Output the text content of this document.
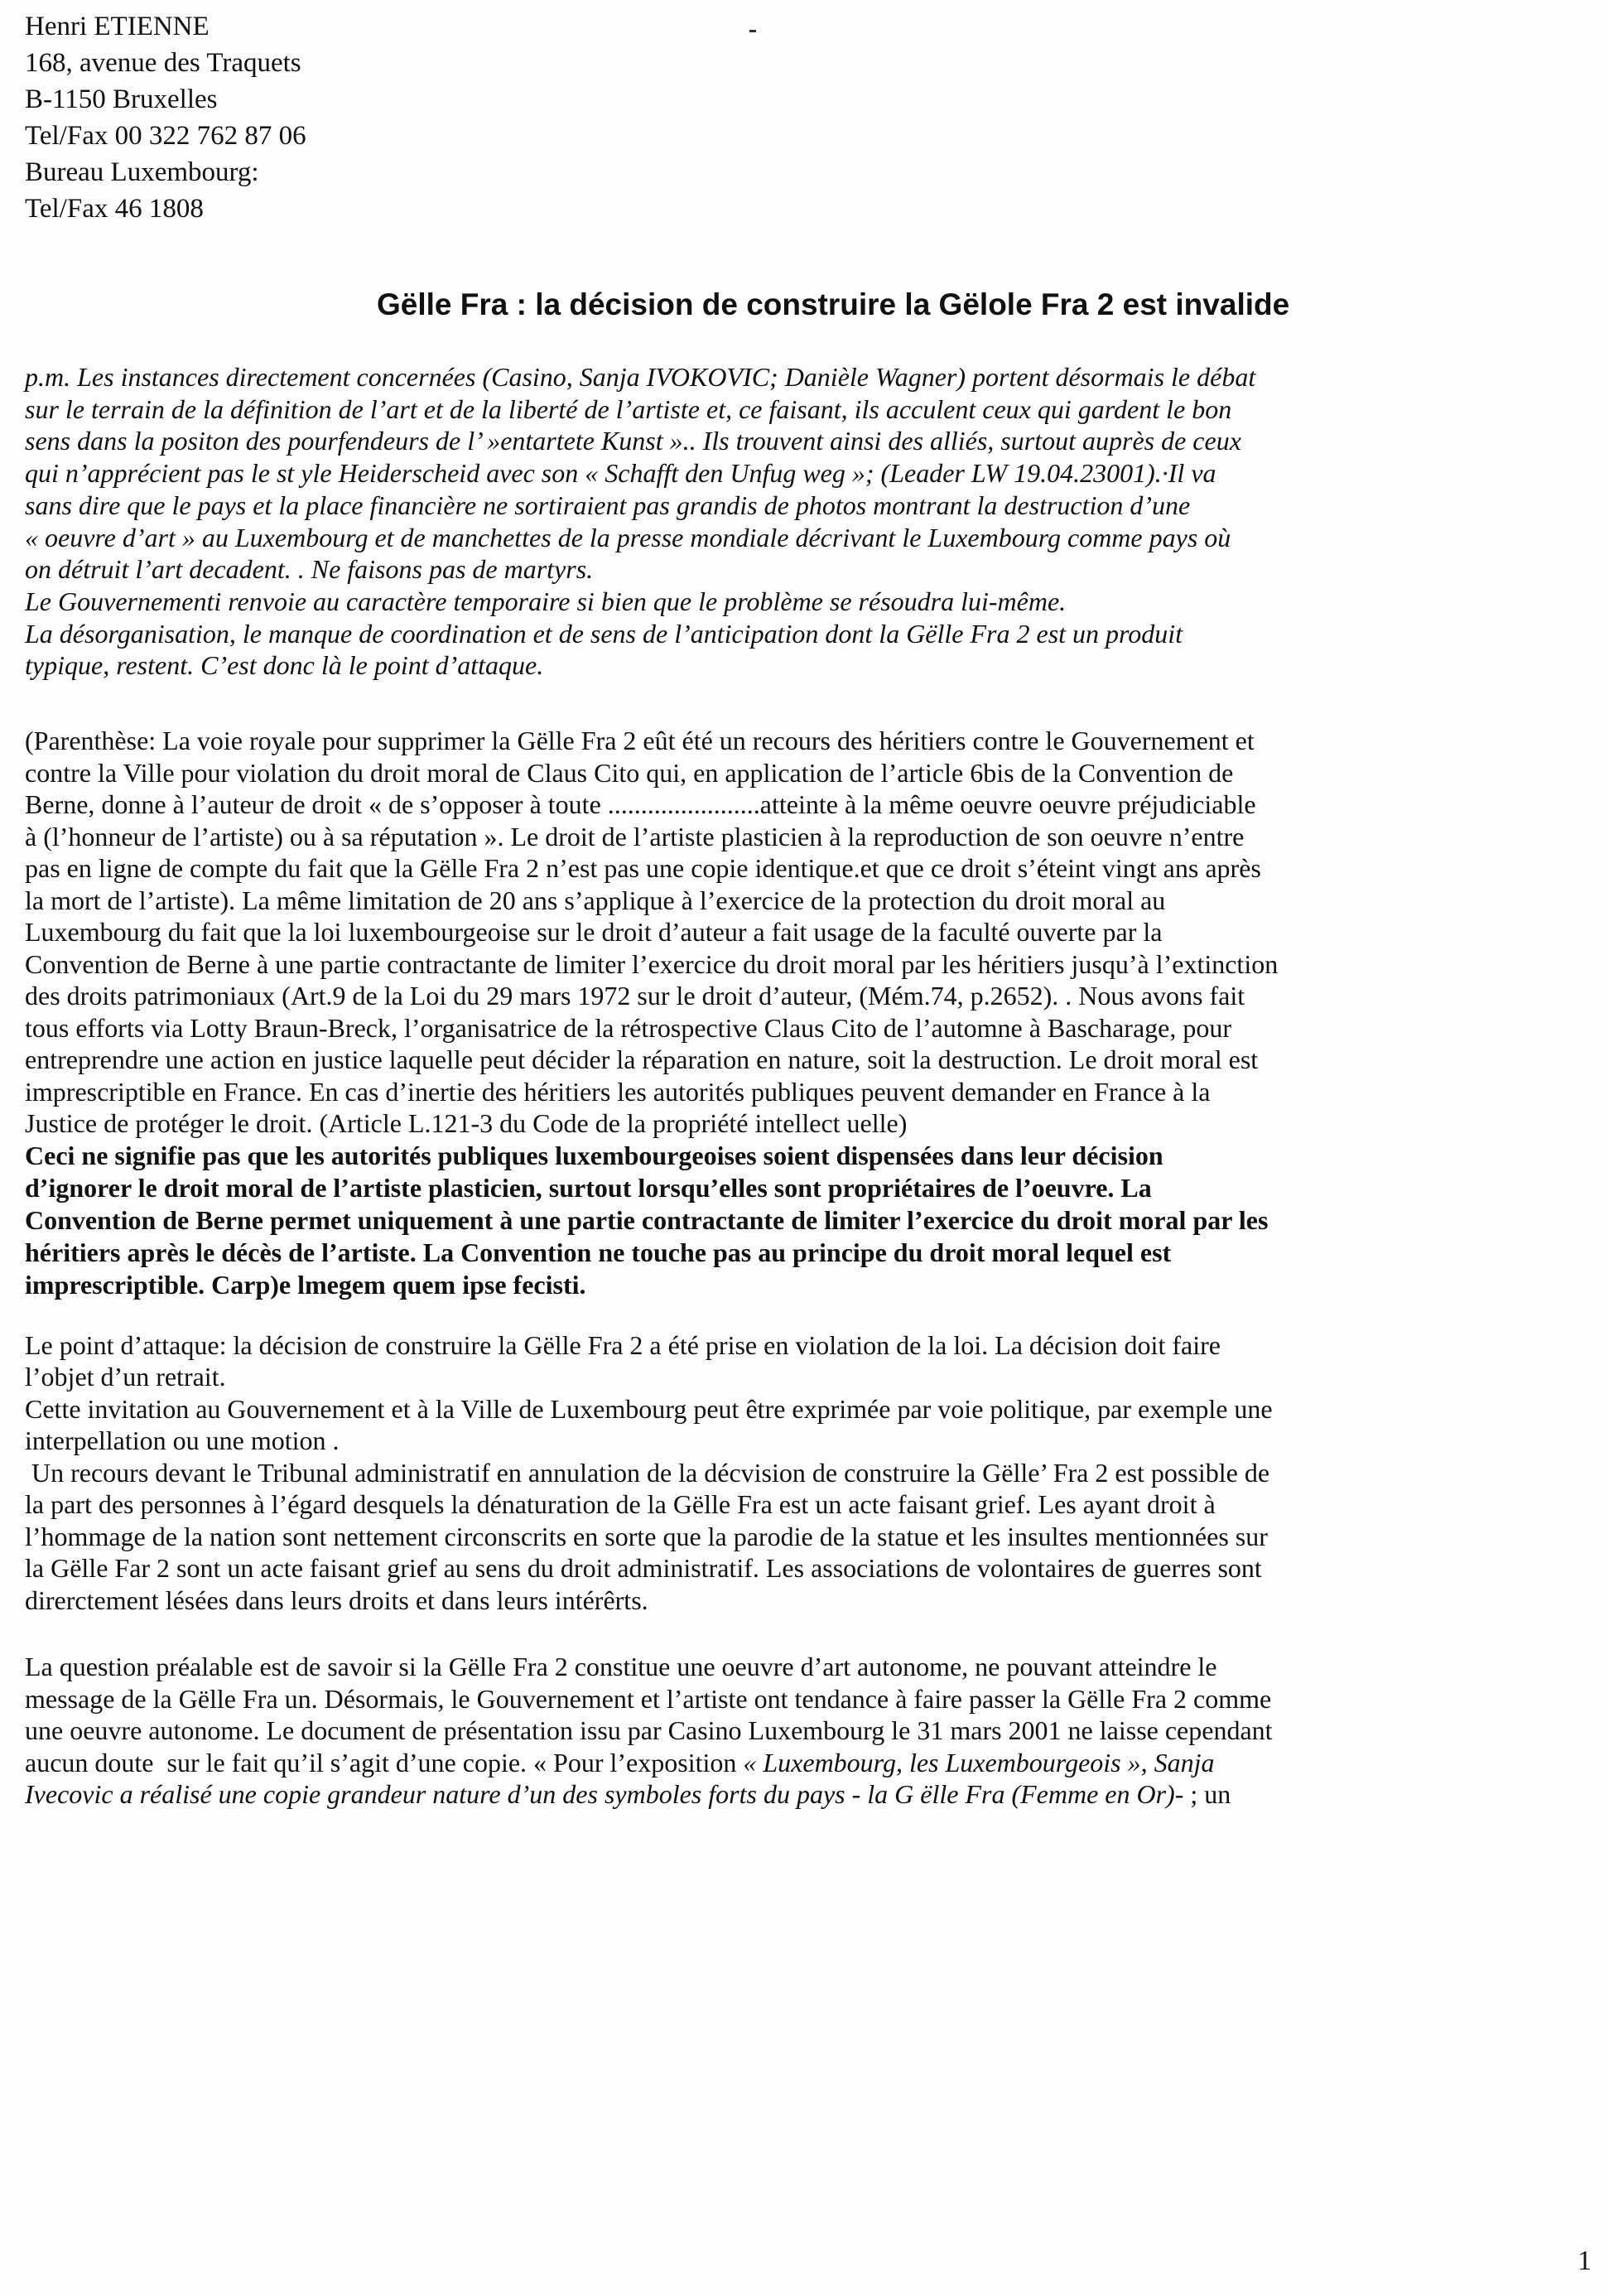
Henri ETIENNE
168, avenue des Traquets
B-1150 Bruxelles
Tel/Fax 00 322 762 87 06
Bureau Luxembourg:
Tel/Fax 46 1808
Gëlle Fra : la décision de construire la Gëlole Fra 2 est invalide

p.m. Les instances directement concernées (Casino, Sanja IVOKOVIC; Danièle Wagner) portent désormais le débat

sur le terrain de la définition de l’art et de la liberté de l’artiste et, ce faisant, ils acculent ceux qui gardent le bon

sens dans la positon des pourfendeurs de l’ »entartete Kunst ».. Ils trouvent ainsi des alliés, surtout auprès de ceux

qui n’apprécient pas le st yle Heiderscheid avec son « Schafft den Unfug weg »; (Leader LW 19.04.23001).·Il va

sans dire que le pays et la place financière ne sortiraient pas grandis de photos montrant la destruction d’une

« oeuvre d’art » au Luxembourg et de manchettes de la presse mondiale décrivant le Luxembourg comme pays où

on détruit l’art decadent. . Ne faisons pas de martyrs.

Le Gouvernementi renvoie au caractère temporaire si bien que le problème se résoudra lui-même.

La désorganisation, le manque de coordination et de sens de l’anticipation dont la Gëlle Fra 2 est un produit

typique, restent. C’est donc là le point d’attaque.

(Parenthèse: La voie royale pour supprimer la Gëlle Fra 2 eût été un recours des héritiers contre le Gouvernement et

contre la Ville pour violation du droit moral de Claus Cito qui, en application de l’article 6bis de la Convention de

Berne, donne à l’auteur de droit « de s’opposer à toute .......................atteinte à la même oeuvre oeuvre préjudiciable

à (l’honneur de l’artiste) ou à sa réputation ». Le droit de l’artiste plasticien à la reproduction de son oeuvre n’entre

pas en ligne de compte du fait que la Gëlle Fra 2 n’est pas une copie identique.et que ce droit s’éteint vingt ans après

la mort de l’artiste). La même limitation de 20 ans s’applique à l’exercice de la protection du droit moral au

Luxembourg du fait que la loi luxembourgeoise sur le droit d’auteur a fait usage de la faculté ouverte par la

Convention de Berne à une partie contractante de limiter l’exercice du droit moral par les héritiers jusqu’à l’extinction

des droits patrimoniaux (Art.9 de la Loi du 29 mars 1972 sur le droit d’auteur, (Mém.74, p.2652). . Nous avons fait

tous efforts via Lotty Braun-Breck, l’organisatrice de la rétrospective Claus Cito de l’automne à Bascharage, pour

entreprendre une action en justice laquelle peut décider la réparation en nature, soit la destruction. Le droit moral est

imprescriptible en France. En cas d’inertie des héritiers les autorités publiques peuvent demander en France à la

Justice de protéger le droit. (Article L.121-3 du Code de la propriété intellect uelle)

Ceci ne signifie pas que les autorités publiques luxembourgeoises soient dispensées dans leur décision

d’ignorer le droit moral de l’artiste plasticien, surtout lorsqu’elles sont propriétaires de l’oeuvre. La

Convention de Berne permet uniquement à une partie contractante de limiter l’exercice du droit moral par les

héritiers après le décès de l’artiste. La Convention ne touche pas au principe du droit moral lequel est

imprescriptible. Carp)e lmegem quem ipse fecisti.

Le point d’attaque: la décision de construire la Gëlle Fra 2 a été prise en violation de la loi. La décision doit faire

l’objet d’un retrait.

Cette invitation au Gouvernement et à la Ville de Luxembourg peut être exprimée par voie politique, par exemple une

interpellation ou une motion .

Un recours devant le Tribunal administratif en annulation de la décvision de construire la Gëlle’ Fra 2 est possible de

la part des personnes à l’égard desquels la dénaturation de la Gëlle Fra est un acte faisant grief. Les ayant droit à

l’hommage de la nation sont nettement circonscrits en sorte que la parodie de la statue et les insultes mentionnées sur

la Gëlle Far 2 sont un acte faisant grief au sens du droit administratif. Les associations de volontaires de guerres sont

direrctement lésées dans leurs droits et dans leurs intérêrts.

La question préalable est de savoir si la Gëlle Fra 2 constitue une oeuvre d’art autonome, ne pouvant atteindre le

message de la Gëlle Fra un. Désormais, le Gouvernement et l’artiste ont tendance à faire passer la Gëlle Fra 2 comme

une oeuvre autonome. Le document de présentation issu par Casino Luxembourg le 31 mars 2001 ne laisse cependant

aucun doute  sur le fait qu’il s’agit d’une copie. « Pour l’exposition « Luxembourg, les Luxembourgeois », Sanja

Ivecovic a réalisé une copie grandeur nature d’un des symboles forts du pays - la G ëlle Fra (Femme en Or)- ; un

1
